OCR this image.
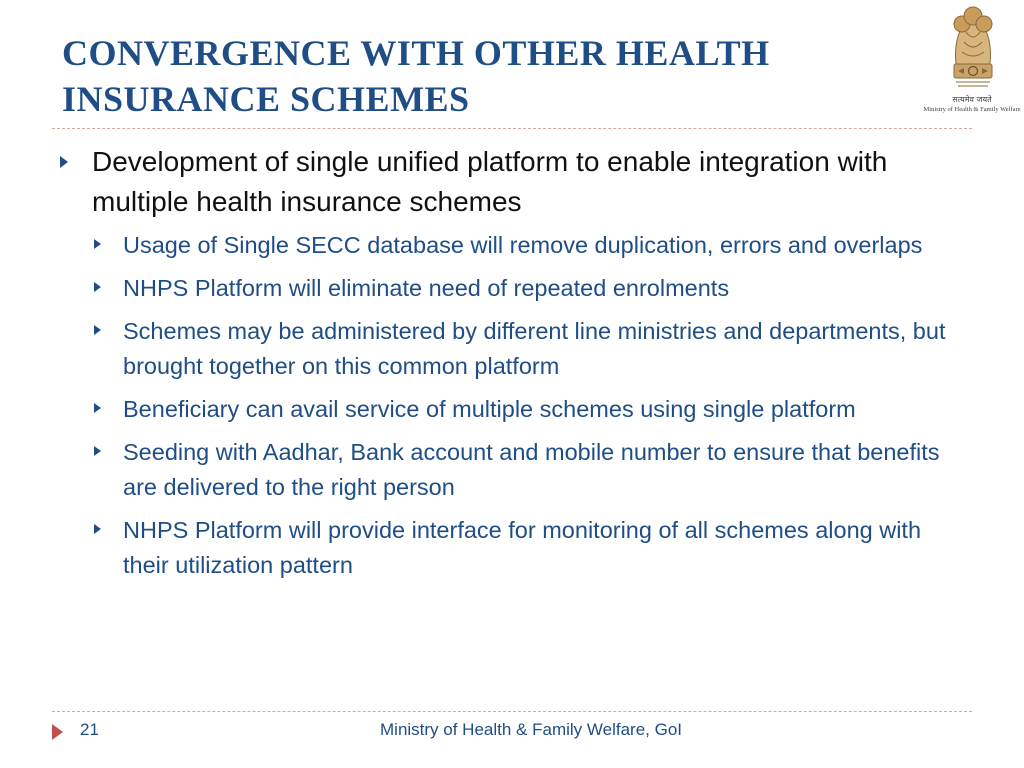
CONVERGENCE WITH OTHER HEALTH
INSURANCE SCHEMES	सत्यमेव जयते
Ministry of Health & Family Welfare
Development of single unified platform to enable integration with multiple health insurance schemes
Usage of Single SECC database will remove duplication, errors and overlaps
NHPS Platform will eliminate need of repeated enrolments
Schemes may be administered by different line ministries and departments, but brought together on this common platform
Beneficiary can avail service of multiple schemes using single platform
Seeding with Aadhar, Bank account and mobile number to ensure that benefits are delivered to the right person
NHPS Platform will provide interface for monitoring of all schemes along with their utilization pattern
21	Ministry of Health & Family Welfare, GoI
